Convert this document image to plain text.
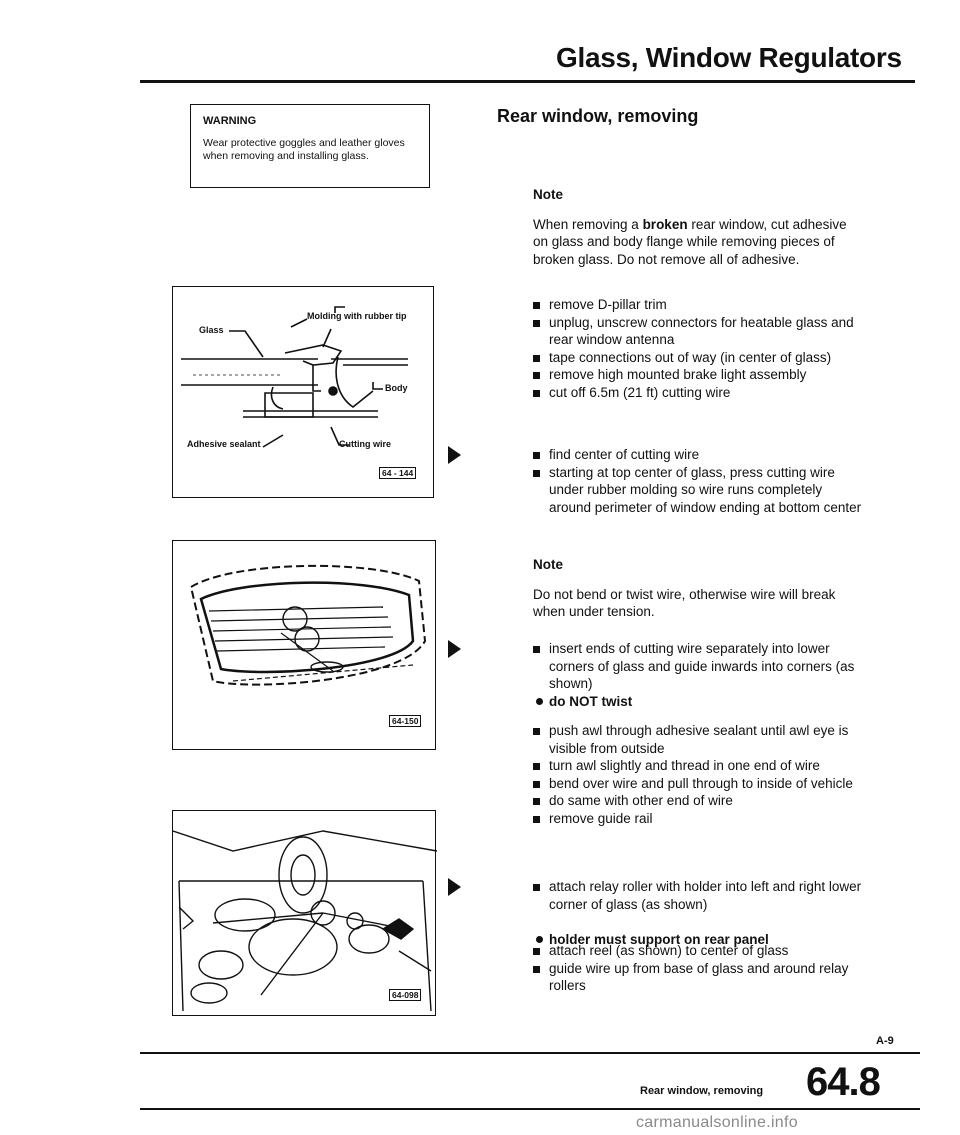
Glass, Window Regulators
WARNING
Wear protective goggles and leather gloves when removing and installing glass.
Molding with rubber tip
Glass
Body
Adhesive sealant	Cutting wire
64 - 144
64-150
64-098
Rear window, removing
Note
When removing a broken rear window, cut adhesive on glass and body flange while removing pieces of broken glass. Do not remove all of adhesive.
remove D-pillar trim
unplug, unscrew connectors for heatable glass and rear window antenna
tape connections out of way (in center of glass)
remove high mounted brake light assembly
cut off 6.5m (21 ft) cutting wire
find center of cutting wire
starting at top center of glass, press cutting wire under rubber molding so wire runs completely around perimeter of window ending at bottom center
Note
Do not bend or twist wire, otherwise wire will break when under tension.
insert ends of cutting wire separately into lower corners of glass and guide inwards into corners (as shown)
do NOT twist
push awl through adhesive sealant until awl eye is visible from outside
turn awl slightly and thread in one end of wire
bend over wire and pull through to inside of vehicle
do same with other end of wire
remove guide rail
attach relay roller with holder into left and right lower corner of glass (as shown)
holder must support on rear panel
attach reel (as shown) to center of glass
guide wire up from base of glass and around relay rollers
A-9
Rear window, removing 64.8
carmanualsonline.info
